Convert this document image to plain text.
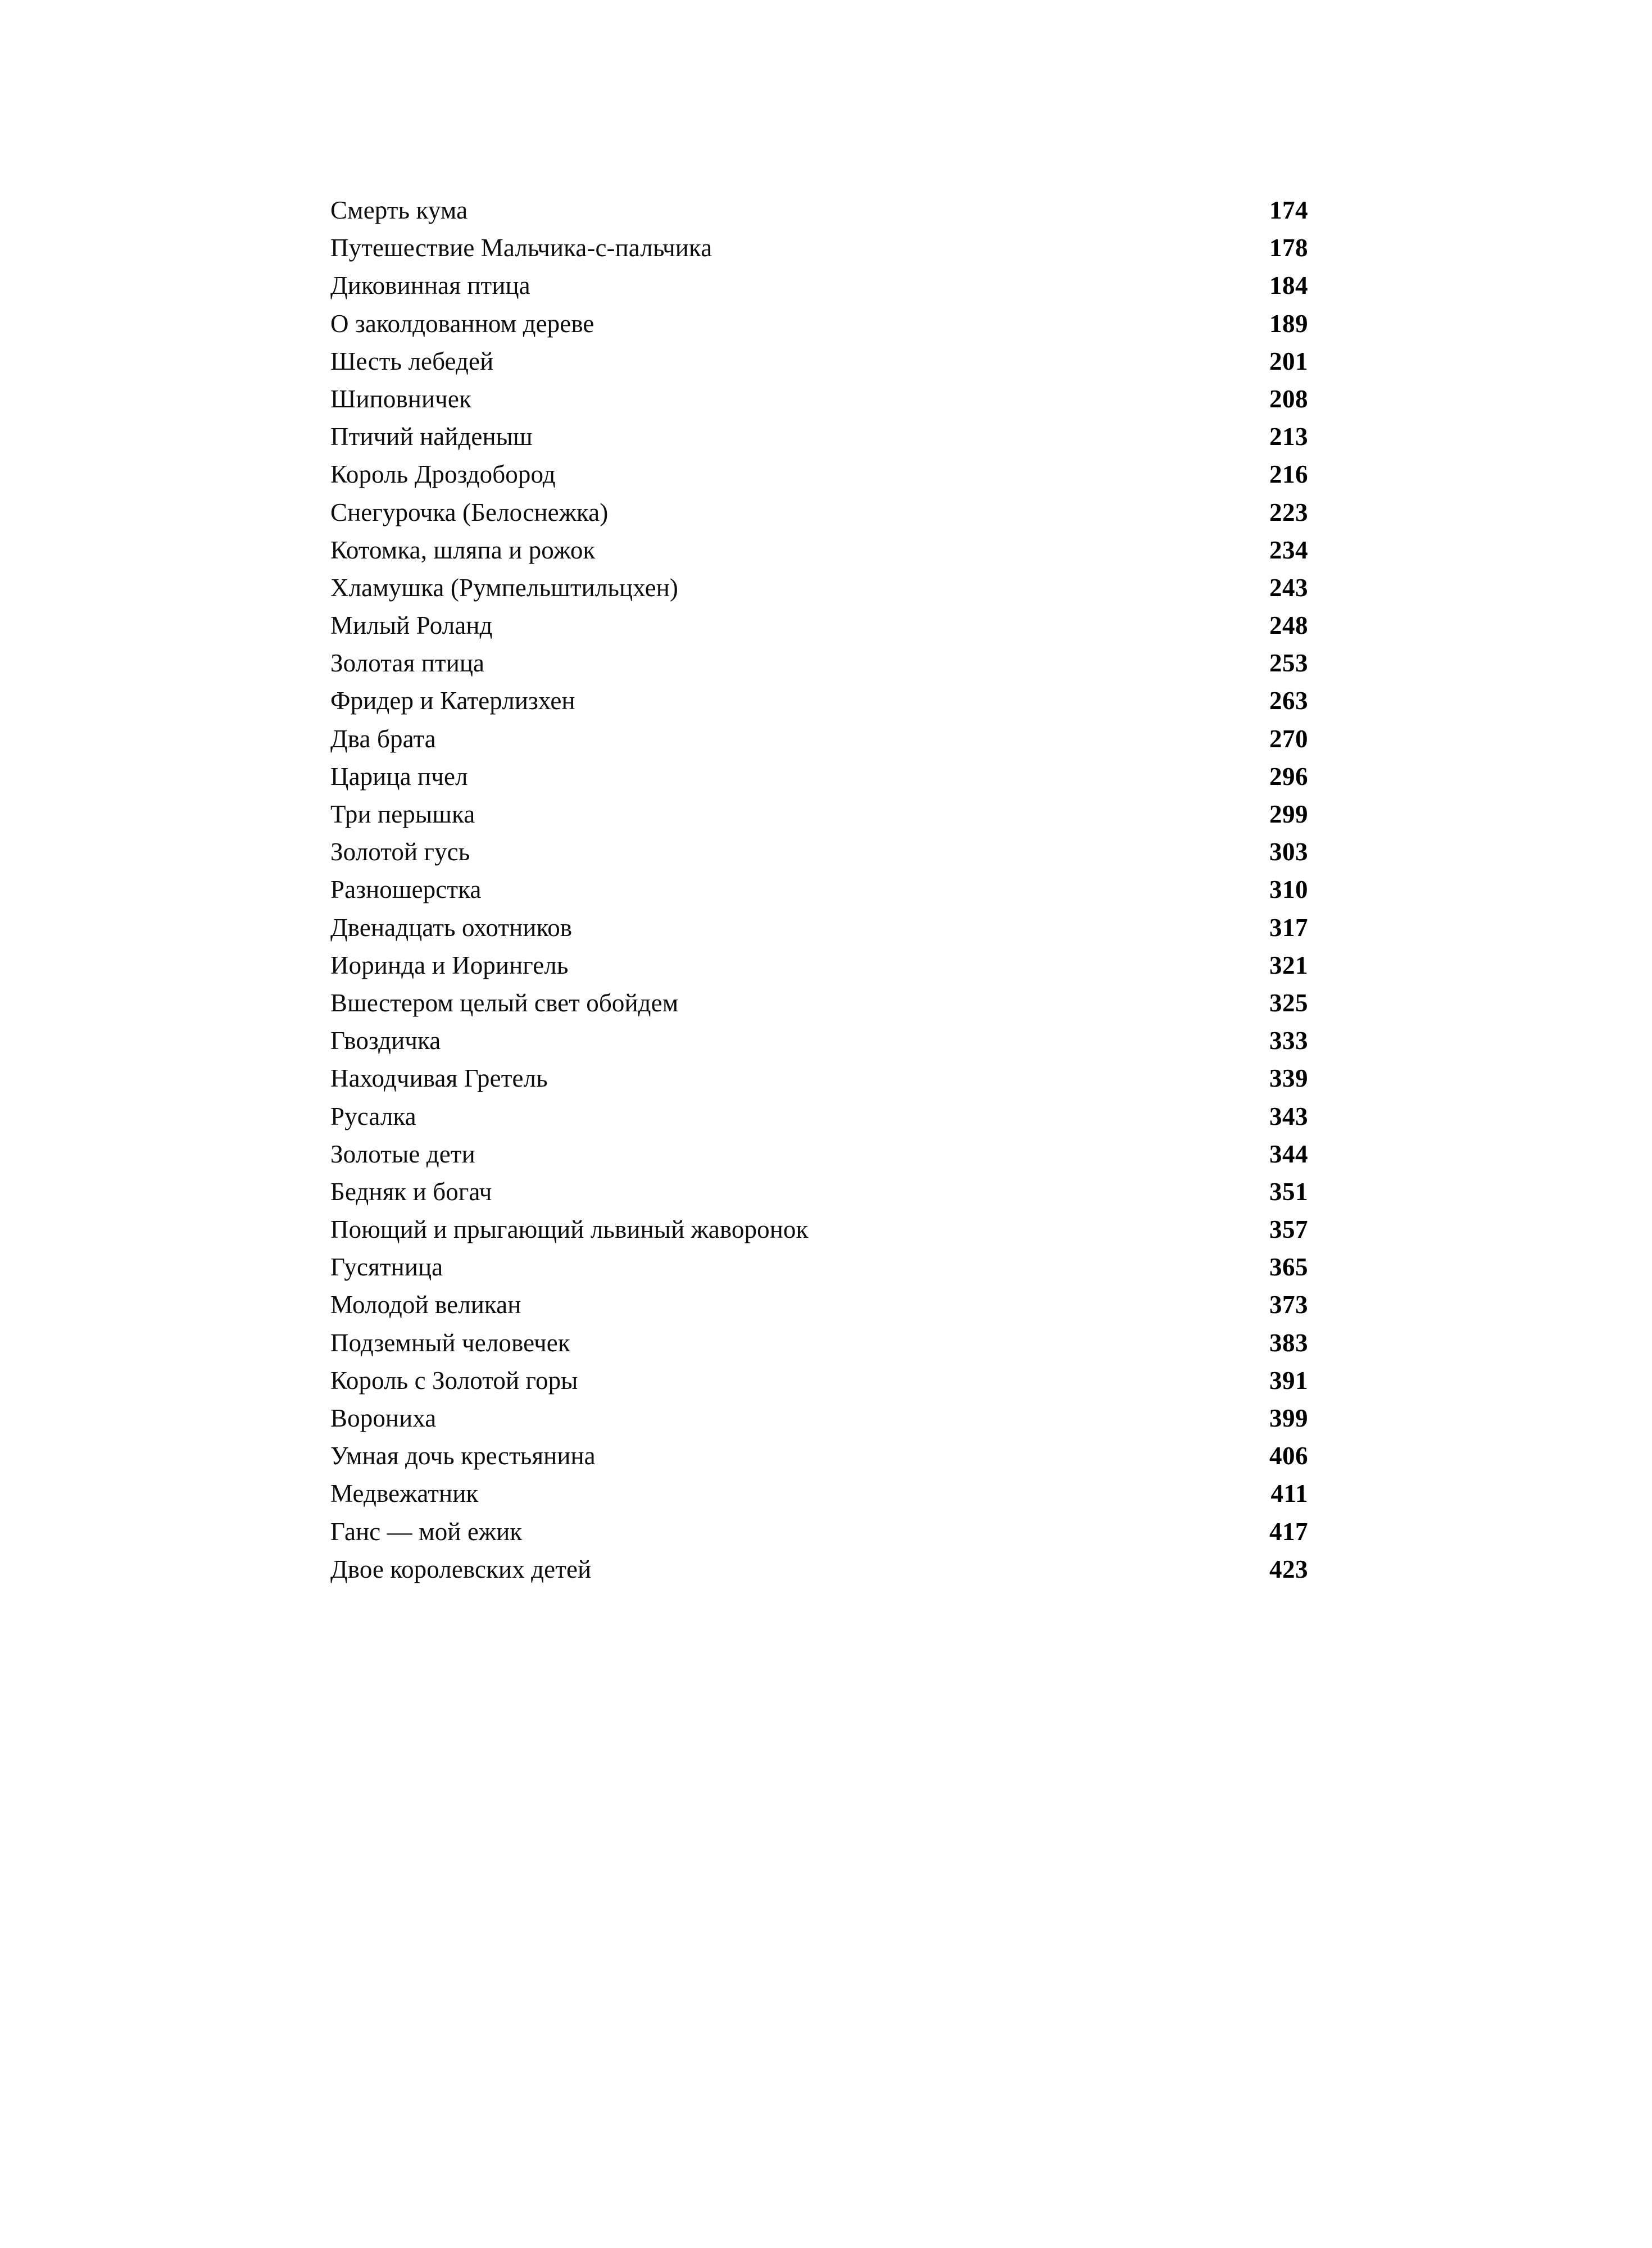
Смерть кума .....	174
Путешествие Мальчика-с-пальчика .....	178
Диковинная птица .....	184
О заколдованном дереве .....	189
Шесть лебедей .....	201
Шиповничек .....	208
Птичий найденыш .....	213
Король Дроздобород .....	216
Снегурочка (Белоснежка) .....	223
Котомка, шляпа и рожок .....	234
Хламушка (Румпельштильцхен) .....	243
Милый Роланд .....	248
Золотая птица .....	253
Фридер и Катерлизхен .....	263
Два брата .....	270
Царица пчел .....	296
Три перышка .....	299
Золотой гусь .....	303
Разношерстка .....	310
Двенадцать охотников .....	317
Иоринда и Иорингель .....	321
Вшестером целый свет обойдем .....	325
Гвоздичка .....	333
Находчивая Гретель .....	339
Русалка .....	343
Золотые дети .....	344
Бедняк и богач .....	351
Поющий и прыгающий львиный жаворонок .....	357
Гусятница .....	365
Молодой великан .....	373
Подземный человечек .....	383
Король с Золотой горы .....	391
Ворониха .....	399
Умная дочь крестьянина .....	406
Медвежатник .....	411
Ганс — мой ежик .....	417
Двое королевских детей .....	423
